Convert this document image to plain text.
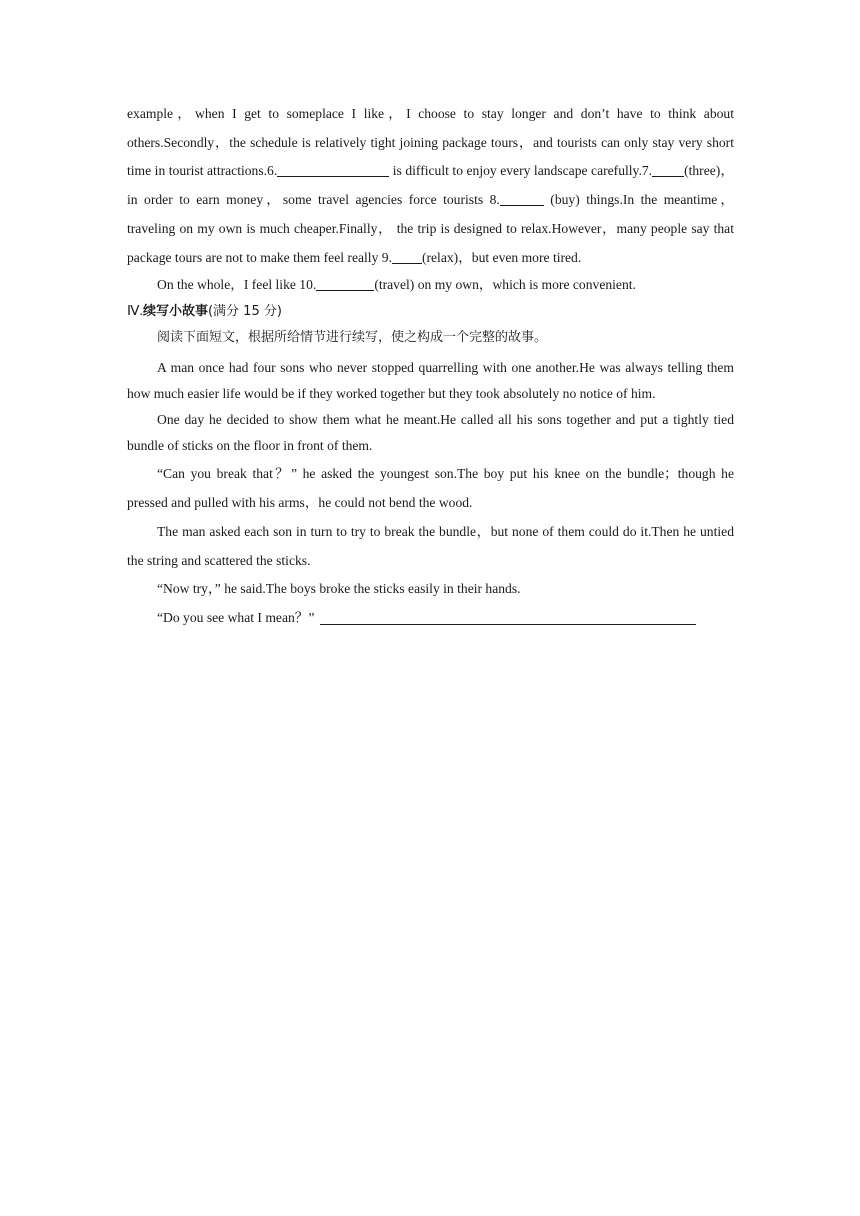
example，when I get to someplace I like，I choose to stay longer and don’t have to think about others.Secondly，the schedule is relatively tight joining package tours，and tourists can only stay very short time in tourist attractions.6.	is difficult to enjoy every landscape carefully.7. (three)，in order to earn money，some travel agencies force tourists 8.	(buy) things.In the meantime， traveling on my own is much cheaper.Finally， the trip is designed to relax.However，many people say that package tours are not to make them feel really 9. (relax)，but even more tired.

On the whole，I feel like 10.	(travel) on my own，which is more convenient.

Ⅳ.续写小故事(满分 15 分)

阅读下面短文，根据所给情节进行续写，使之构成一个完整的故事。

A man once had four sons who never stopped quarrelling with one another.He was always telling them how much easier life would be if they worked together but they took absolutely no notice of him.

One day he decided to show them what he meant.He called all his sons together and put a tightly tied bundle of sticks on the floor in front of them.

“Can you break that？” he asked the youngest son.The boy put his knee on the bundle；though he pressed and pulled with his arms，he could not bend the wood.

The man asked each son in turn to try to break the bundle，but none of them could do it.Then he untied the string and scattered the sticks.

“Now try，” he said.The boys broke the sticks easily in their hands.

“Do you see what I mean？”
